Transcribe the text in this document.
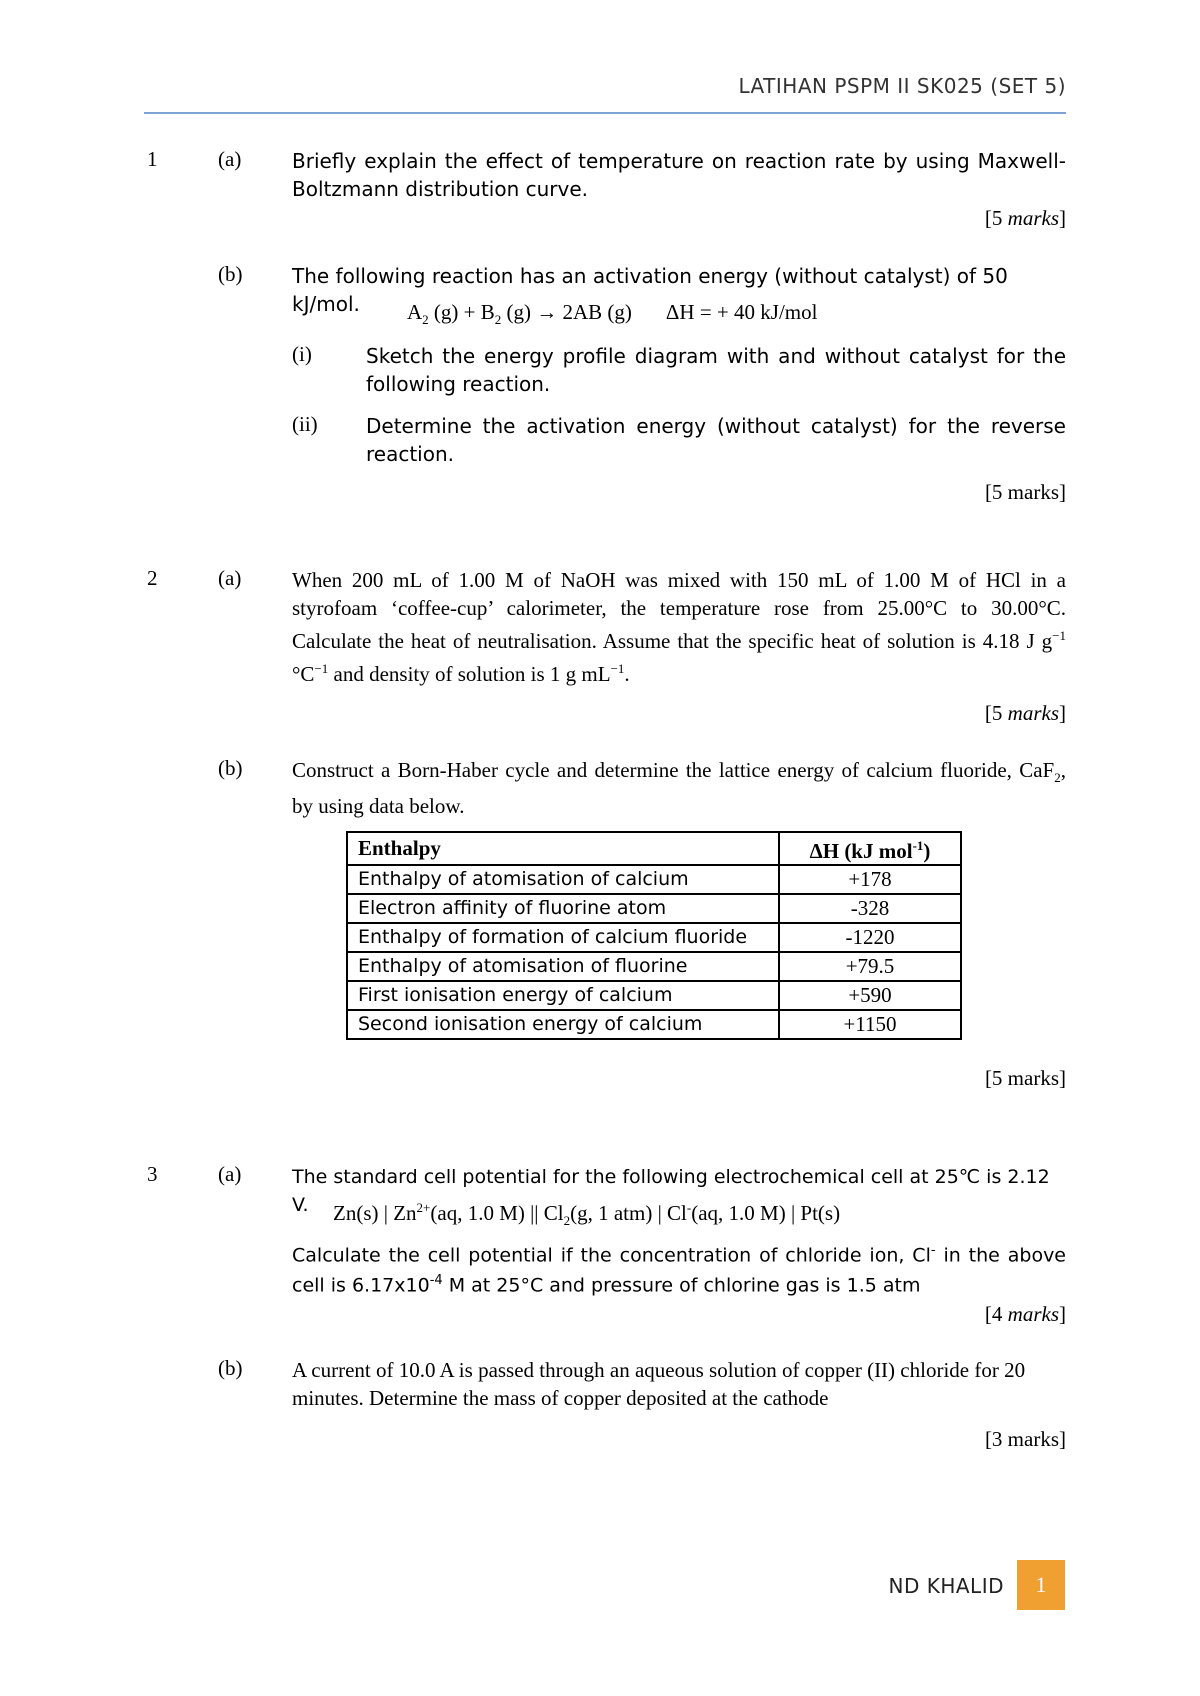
LATIHAN PSPM II SK025 (SET 5)
1	(a)	Briefly explain the effect of temperature on reaction rate by using Maxwell-Boltzmann distribution curve.
[5 marks]
(b) The following reaction has an activation energy (without catalyst) of 50 kJ/mol.	$A_2$ $(g) + B_2$ (g) → 2AB (g) ΔH = + 40 kJ/mol
(i)	Sketch the energy profile diagram with and without catalyst for the following reaction.
(ii) Determine the activation energy (without catalyst) for the reverse reaction.
[5 marks]
2	(a) When 200 mL of 1.00 M of NaOH was mixed with 150 mL of 1.00 M of HCl in a styrofoam ‘coffee-cup’ calorimeter, the temperature rose from 25.00°C to 30.00°C. Calculate the heat of neutralisation. Assume that the specific heat of solution is 4.18 J $g^{-1}$ $^\circ C^{-1}$ and density of solution is 1 g $mL^{-1}$.
[5 marks]
(b) Construct a Born-Haber cycle and determine the lattice energy of calcium fluoride, CaF$_2$, by using data below.
Enthalpy	ΔH (kJ mol$^{-1}$)
Enthalpy of atomisation of calcium	+178
Electron affinity of fluorine atom	-328
Enthalpy of formation of calcium fluoride	-1220
Enthalpy of atomisation of fluorine	+79.5
First ionisation energy of calcium	+590
Second ionisation energy of calcium	+1150
[5 marks]
3	(a)	The standard cell potential for the following electrochemical cell at 25℃ is 2.12 V.	Zn(s) | $Zn^{2+}(aq$, 1.0 M) || $Cl_2(g$, 1 atm) | Cl-(aq, 1.0 M) | Pt(s)
Calculate the cell potential if the concentration of chloride ion, Cl- in the above cell is $6.17x10^{-4}$ M at 25°C and pressure of chlorine gas is 1.5 atm
[4 marks]
(b) A current of 10.0 A is passed through an aqueous solution of copper (II) chloride for 20 minutes. Determine the mass of copper deposited at the cathode
[3 marks]
ND KHALID	1
